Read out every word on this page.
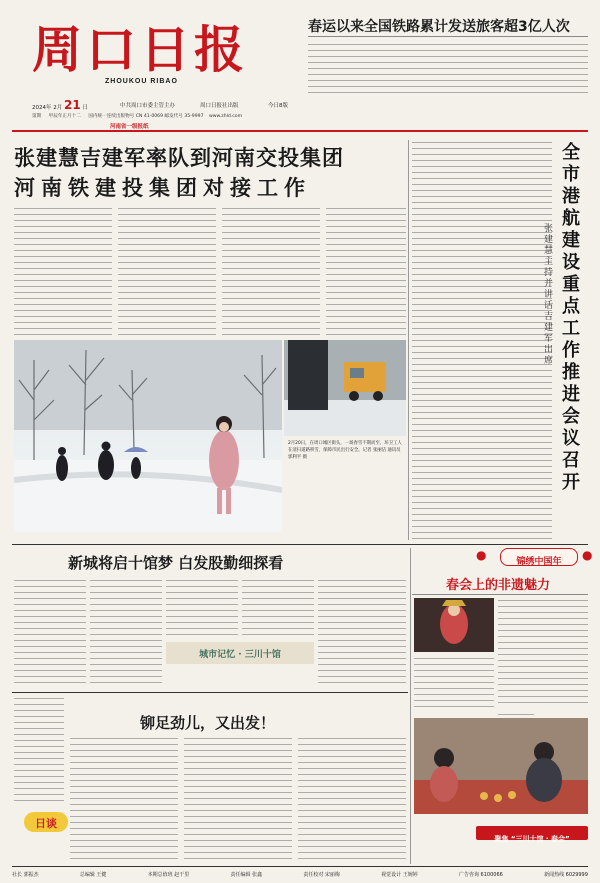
周口日报
ZHOUKOU RIBAO
春运以来全国铁路累计发送旅客超3亿人次
2024年 2月 21 日	中共周口市委主管主办	周口日报社出版	今日8版
第期 甲辰年正月十二 国内统一连续出版物号 CN 41-0069 邮发代号 35-9997 www.zhld.com
河南省一级报纸
张建慧吉建军率队到河南交投集团
河南铁建投集团对接工作
2月20日，在周口城区街头，一场春雪不期而至，环卫工人在清扫道路积雪，保障市民出行安全。记者 张丽洁 通讯员 郭利平 摄
全市港航建设重点工作推进会议召开
张建慧主持并讲话 吉建军出席
新城将启十馆梦 白发股勤细探看
城市记忆 · 三川十馆
铆足劲儿，又出发！
日谈
锦绣中国年
●	●
春会上的非遗魅力
聚焦 “三川十馆 · 春会”
社长 郭振杰	总编辑 王健	本期总值班 赵干里	责任编辑 张鑫	责任校对 宋丽梅	视觉设计 王婉婷	广告咨询 6100066	新闻热线 6029999
